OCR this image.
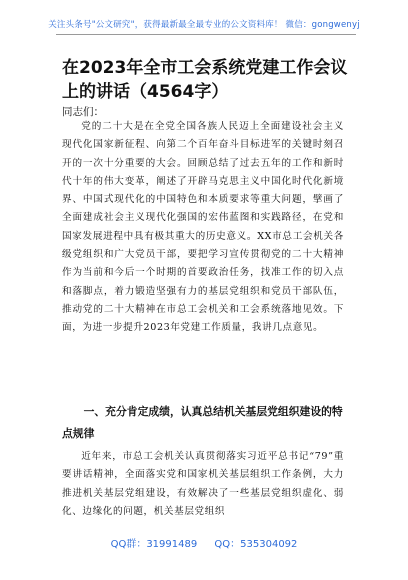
关注头条号"公文研究"，获得最新最全最专业的公文资料库！ 微信：gongwenyj
在2023年全市工会系统党建工作会议上的讲话（4564字）
同志们：
党的二十大是在全党全国各族人民迈上全面建设社会主义现代化国家新征程、向第二个百年奋斗目标进军的关键时刻召开的一次十分重要的大会。回顾总结了过去五年的工作和新时代十年的伟大变革，阐述了开辟马克思主义中国化时代化新境界、中国式现代化的中国特色和本质要求等重大问题，擘画了全面建成社会主义现代化强国的宏伟蓝图和实践路径，在党和国家发展进程中具有极其重大的历史意义。XX市总工会机关各级党组织和广大党员干部，要把学习宣传贯彻党的二十大精神作为当前和今后一个时期的首要政治任务，找准工作的切入点和落脚点，着力锻造坚强有力的基层党组织和党员干部队伍，推动党的二十大精神在市总工会机关和工会系统落地见效。下面，为进一步提升2023年党建工作质量，我讲几点意见。
一、充分肯定成绩，认真总结机关基层党组织建设的特点规律
近年来，市总工会机关认真贯彻落实习近平总书记“79”重要讲话精神，全面落实党和国家机关基层组织工作条例，大力推进机关基层党组建设，有效解决了一些基层党组织虚化、弱化、边缘化的问题，机关基层党组织
QQ群：31991489 QQ：535304092
